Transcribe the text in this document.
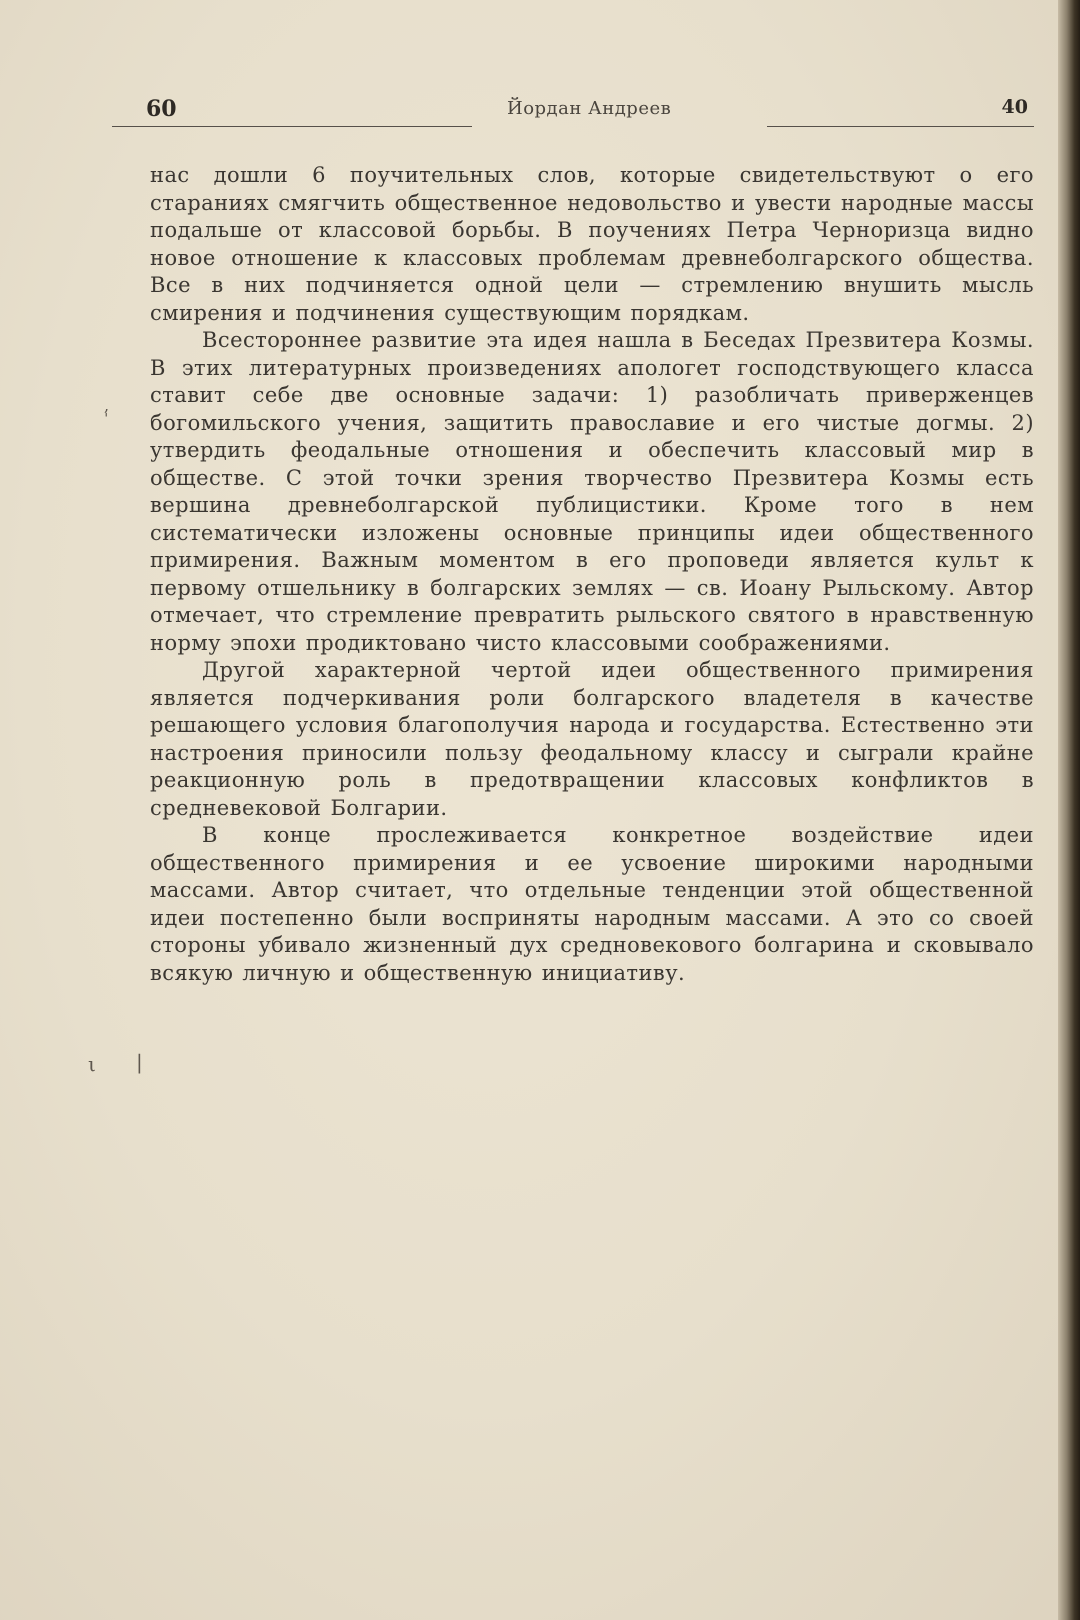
60	Йордан Андреев	40

нас дошли 6 поучительных слов, которые свидетельствуют о его стараниях смягчить общественное недовольство и увести народные массы подальше от классовой борьбы. В поучениях Петра Черноризца видно новое отношение к классовых проблемам древнеболгарского общества. Все в них подчиняется одной цели — стремлению внушить мысль смирения и подчинения существующим порядкам.

Всестороннее развитие эта идея нашла в Беседах Презвитера Козмы. В этих литературных произведениях апологет господствующего класса ставит себе две основные задачи: 1) разобличать приверженцев богомильского учения, защитить православие и его чистые догмы. 2) утвердить феодальные отношения и обеспечить классовый мир в обществе. С этой точки зрения творчество Презвитера Козмы есть вершина древнеболгарской публицистики. Кроме того в нем систематически изложены основные принципы идеи общественного примирения. Важным моментом в его проповеди является культ к первому отшельнику в болгарских землях — св. Иоану Рыльскому. Автор отмечает, что стремление превратить рыльского святого в нравственную норму эпохи продиктовано чисто классовыми соображениями.

Другой характерной чертой идеи общественного примирения является подчеркивания роли болгарского владетеля в качестве решающего условия благополучия народа и государства. Естественно эти настроения приносили пользу феодальному классу и сыграли крайне реакционную роль в предотвращении классовых конфликтов в средневековой Болгарии.

В конце прослеживается конкретное воздействие идеи общественного примирения и ее усвоение широкими народными массами. Автор считает, что отдельные тенденции этой общественной идеи постепенно были восприняты народным массами. А это со своей стороны убивало жизненный дух средновекового болгарина и сковывало всякую личную и общественную инициативу.

,
ˈ
ι |
